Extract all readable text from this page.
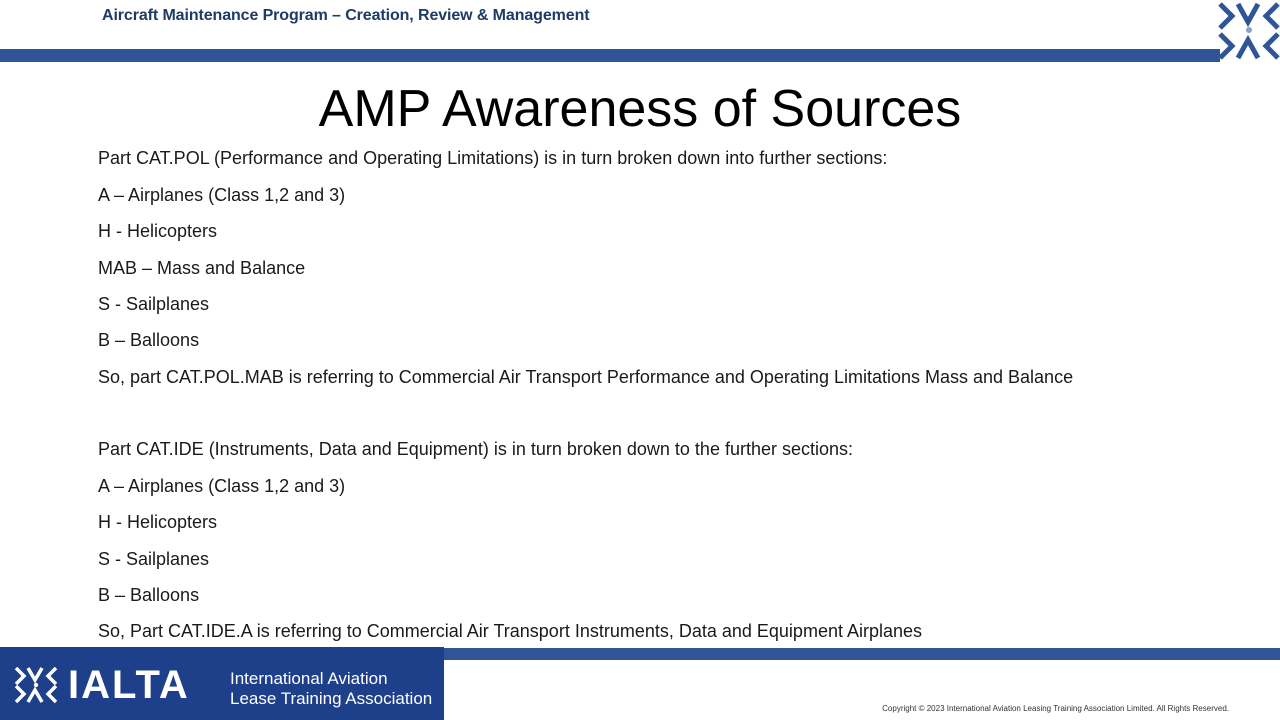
Aircraft Maintenance Program – Creation, Review & Management
AMP Awareness of Sources
Part CAT.POL (Performance and Operating Limitations) is in turn broken down into further sections:
A – Airplanes (Class 1,2 and 3)
H - Helicopters
MAB – Mass and Balance
S - Sailplanes
B – Balloons
So, part CAT.POL.MAB is referring to Commercial Air Transport Performance and Operating Limitations Mass and Balance
Part CAT.IDE (Instruments, Data and Equipment) is in turn broken down to the further sections:
A – Airplanes (Class 1,2 and 3)
H - Helicopters
S - Sailplanes
B – Balloons
So, Part CAT.IDE.A is referring to Commercial Air Transport Instruments, Data and Equipment Airplanes
IALTA International Aviation
Lease Training Association
Copyright © 2023 International Aviation Leasing Training Association Limited. All Rights Reserved.
